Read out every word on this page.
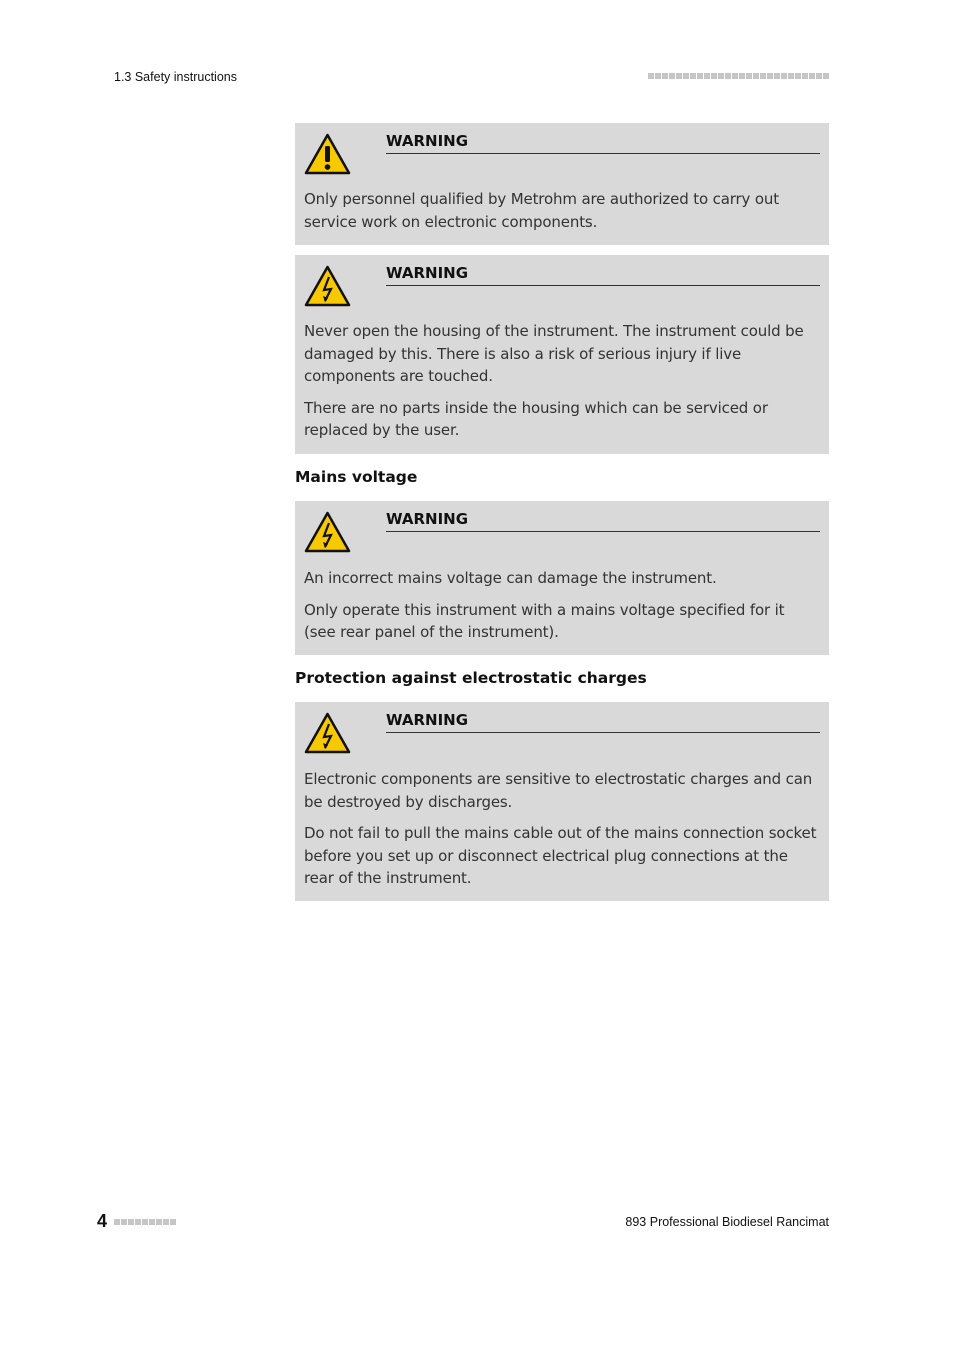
1.3 Safety instructions
WARNING

Only personnel qualified by Metrohm are authorized to carry out service work on electronic components.

WARNING

Never open the housing of the instrument. The instrument could be damaged by this. There is also a risk of serious injury if live components are touched.

There are no parts inside the housing which can be serviced or replaced by the user.

Mains voltage
WARNING

An incorrect mains voltage can damage the instrument.

Only operate this instrument with a mains voltage specified for it (see rear panel of the instrument).

Protection against electrostatic charges
WARNING

Electronic components are sensitive to electrostatic charges and can be destroyed by discharges.

Do not fail to pull the mains cable out of the mains connection socket before you set up or disconnect electrical plug connections at the rear of the instrument.

4	893 Professional Biodiesel Rancimat
